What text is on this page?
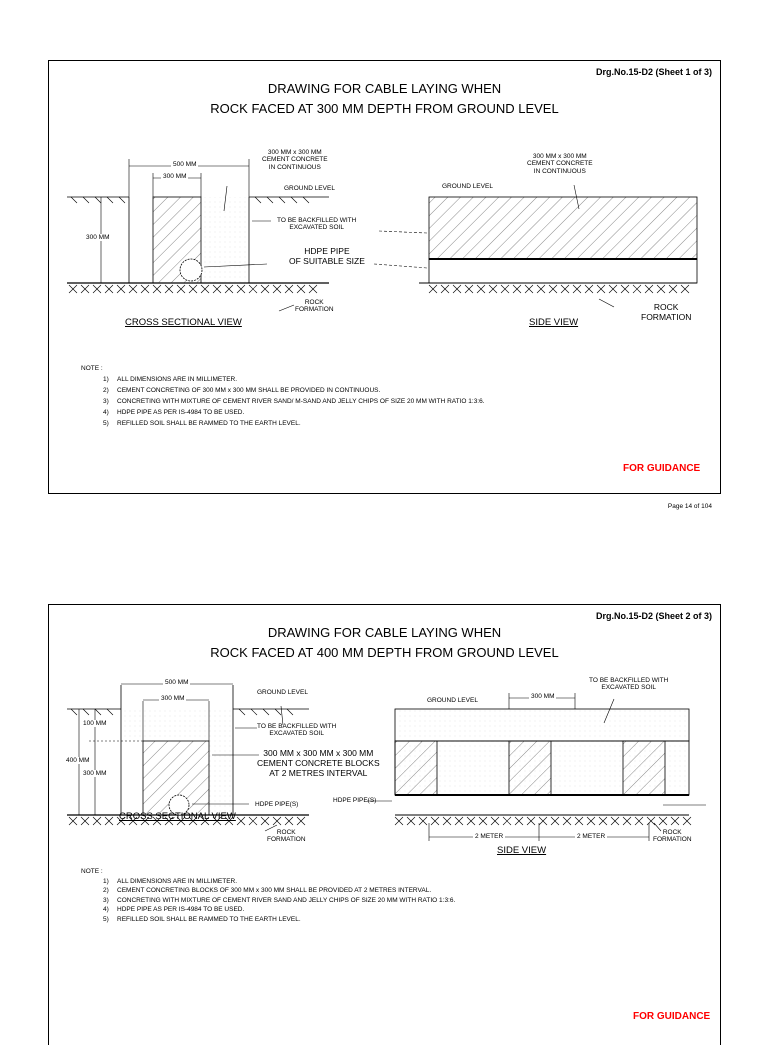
Drg.No.15-D2 (Sheet 1 of 3)
DRAWING FOR CABLE LAYING WHEN
ROCK FACED AT 300 MM DEPTH FROM GROUND LEVEL
500 MM
300 MM
300 MM
300 MM x 300 MM
CEMENT CONCRETE
IN CONTINUOUS
GROUND LEVEL
TO BE BACKFILLED WITH
EXCAVATED SOIL
HDPE PIPE
OF SUITABLE SIZE
ROCK
FORMATION
300 MM x 300 MM
CEMENT CONCRETE
IN CONTINUOUS
GROUND LEVEL
ROCK
FORMATION
CROSS SECTIONAL VIEW	SIDE VIEW
NOTE :
1) ALL DIMENSIONS ARE IN MILLIMETER.
2) CEMENT CONCRETING OF 300 MM x 300 MM SHALL BE PROVIDED IN CONTINUOUS.
3) CONCRETING WITH MIXTURE OF CEMENT RIVER SAND/ M-SAND AND JELLY CHIPS OF SIZE 20 MM WITH RATIO 1:3:6.
4) HDPE PIPE AS PER IS-4984 TO BE USED.
5) REFILLED SOIL SHALL BE RAMMED TO THE EARTH LEVEL.
FOR GUIDANCE
Page 14 of 104
Drg.No.15-D2 (Sheet 2 of 3)
DRAWING FOR CABLE LAYING WHEN
ROCK FACED AT 400 MM DEPTH FROM GROUND LEVEL
500 MM
300 MM
GROUND LEVEL
100 MM
400 MM
300 MM
TO BE BACKFILLED WITH
EXCAVATED SOIL
300 MM x 300 MM x 300 MM
CEMENT CONCRETE BLOCKS
AT 2 METRES INTERVAL
HDPE PIPE(S)
ROCK
FORMATION
TO BE BACKFILLED WITH
EXCAVATED SOIL
GROUND LEVEL
300 MM
HDPE PIPE(S)
2 METER	2 METER
ROCK
FORMATION
CROSS SECTIONAL VIEW
SIDE VIEW
NOTE :
1) ALL DIMENSIONS ARE IN MILLIMETER.
2) CEMENT CONCRETING BLOCKS OF 300 MM x 300 MM SHALL BE PROVIDED AT 2 METRES INTERVAL.
3) CONCRETING WITH MIXTURE OF CEMENT RIVER SAND AND JELLY CHIPS OF SIZE 20 MM WITH RATIO 1:3:6.
4) HDPE PIPE AS PER IS-4984 TO BE USED.
5) REFILLED SOIL SHALL BE RAMMED TO THE EARTH LEVEL.
FOR GUIDANCE
